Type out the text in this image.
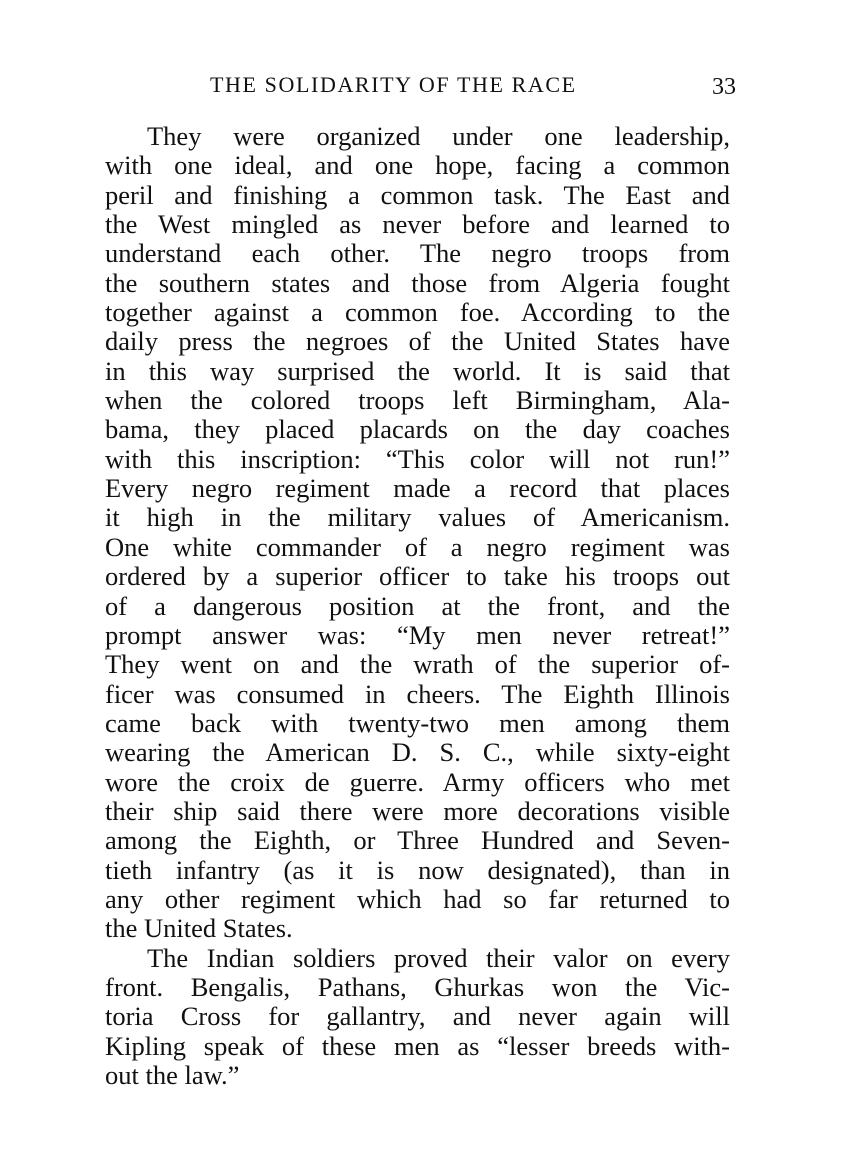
THE SOLIDARITY OF THE RACE	33
They were organized under one leadership,
with one ideal, and one hope, facing a common
peril and finishing a common task. The East and
the West mingled as never before and learned to
understand each other. The negro troops from
the southern states and those from Algeria fought
together against a common foe. According to the
daily press the negroes of the United States have
in this way surprised the world. It is said that
when the colored troops left Birmingham, Ala-
bama, they placed placards on the day coaches
with this inscription: “This color will not run!”
Every negro regiment made a record that places
it high in the military values of Americanism.
One white commander of a negro regiment was
ordered by a superior officer to take his troops out
of a dangerous position at the front, and the
prompt answer was: “My men never retreat!”
They went on and the wrath of the superior of-
ficer was consumed in cheers. The Eighth Illinois
came back with twenty-two men among them
wearing the American D. S. C., while sixty-eight
wore the croix de guerre. Army officers who met
their ship said there were more decorations visible
among the Eighth, or Three Hundred and Seven-
tieth infantry (as it is now designated), than in
any other regiment which had so far returned to
the United States.
The Indian soldiers proved their valor on every
front. Bengalis, Pathans, Ghurkas won the Vic-
toria Cross for gallantry, and never again will
Kipling speak of these men as “lesser breeds with-
out the law.”
